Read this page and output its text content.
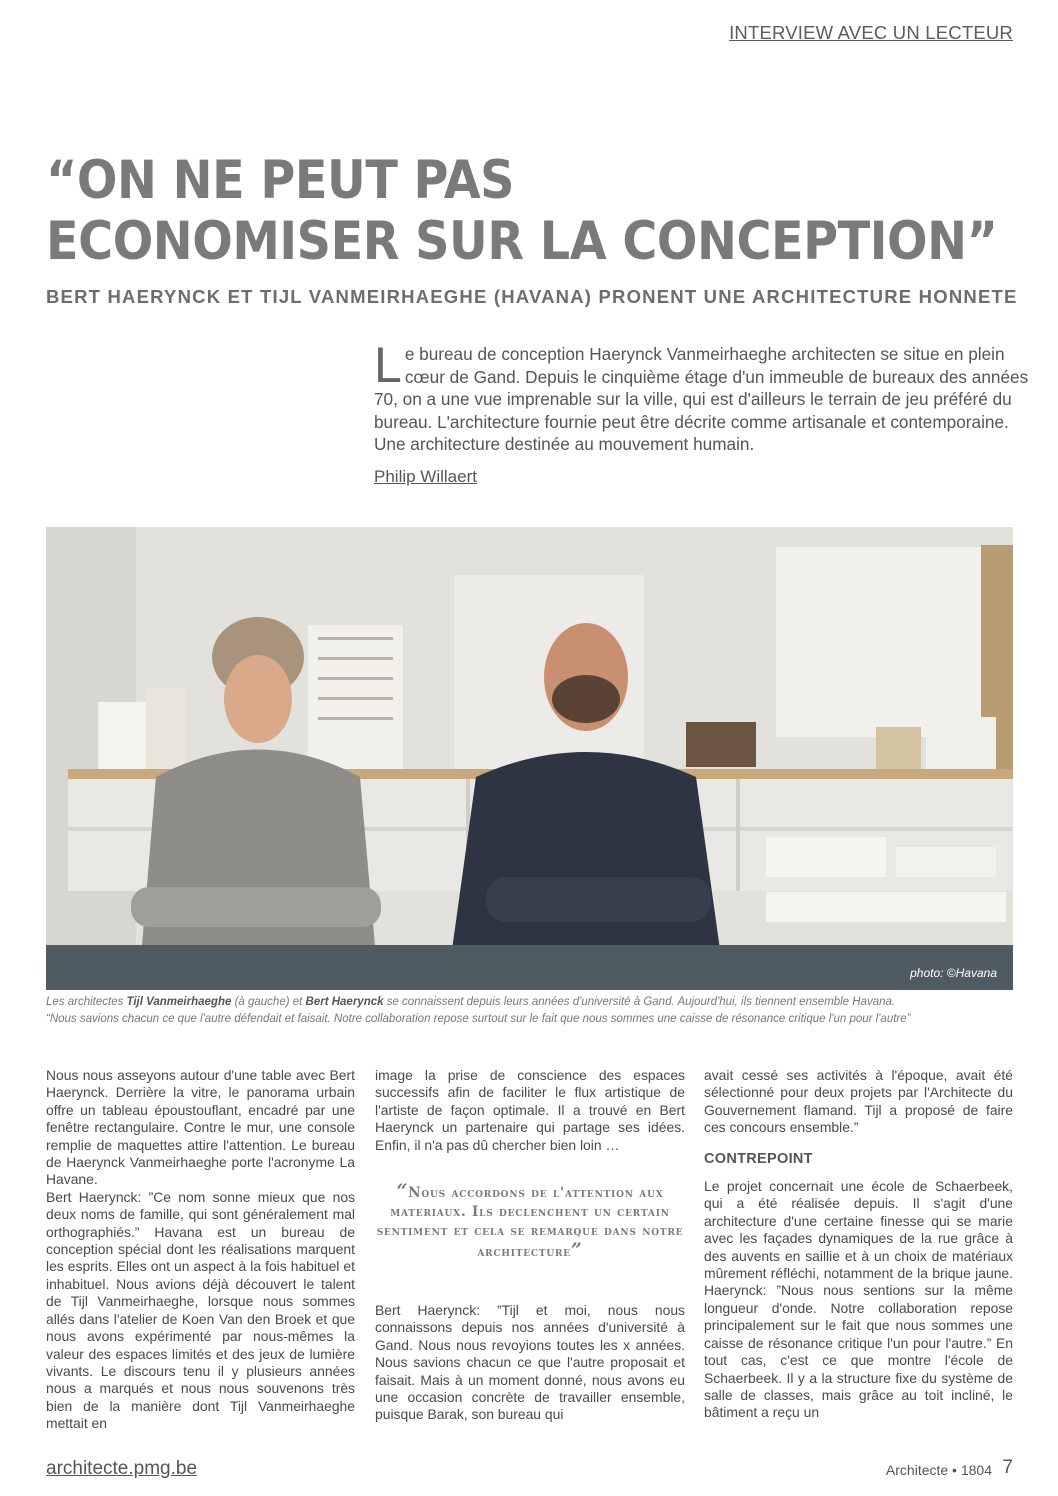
INTERVIEW AVEC UN LECTEUR
“ON NE PEUT PAS
ECONOMISER SUR LA CONCEPTION”
BERT HAERYNCK ET TIJL VANMEIRHAEGHE (HAVANA) PRONENT UNE ARCHITECTURE HONNETE

Le bureau de conception Haerynck Vanmeirhaeghe architecten se situe en plein cœur de Gand. Depuis le cinquième étage d'un immeuble de bureaux des années 70, on a une vue imprenable sur la ville, qui est d'ailleurs le terrain de jeu préféré du bureau. L'architecture fournie peut être décrite comme artisanale et contemporaine. Une architecture destinée au mouvement humain.

Philip Willaert
photo: ©Havana

Les architectes Tijl Vanmeirhaeghe (à gauche) et Bert Haerynck se connaissent depuis leurs années d'université à Gand. Aujourd'hui, ils tiennent ensemble Havana.
“Nous savions chacun ce que l'autre défendait et faisait. Notre collaboration repose surtout sur le fait que nous sommes une caisse de résonance critique l'un pour l'autre”

Nous nous asseyons autour d'une table avec Bert Haerynck. Derrière la vitre, le panorama urbain offre un tableau époustouflant, encadré par une fenêtre rectangulaire. Contre le mur, une console remplie de maquettes attire l'attention. Le bureau de Haerynck Vanmeirhaeghe porte l'acronyme La Havane.

Bert Haerynck: ”Ce nom sonne mieux que nos deux noms de famille, qui sont généralement mal orthographiés.” Havana est un bureau de conception spécial dont les réalisations marquent les esprits. Elles ont un aspect à la fois habituel et inhabituel. Nous avions déjà découvert le talent de Tijl Vanmeirhaeghe, lorsque nous sommes allés dans l'atelier de Koen Van den Broek et que nous avons expérimenté par nous-mêmes la valeur des espaces limités et des jeux de lumière vivants. Le discours tenu il y plusieurs années nous a marqués et nous nous souvenons très bien de la manière dont Tijl Vanmeirhaeghe mettait en

image la prise de conscience des espaces successifs afin de faciliter le flux artistique de l'artiste de façon optimale. Il a trouvé en Bert Haerynck un partenaire qui partage ses idées. Enfin, il n'a pas dû chercher bien loin …

“Nous accordons de l'attention aux materiaux. Ils declenchent un certain sentiment et cela se remarque dans notre architecture”

Bert Haerynck: ”Tijl et moi, nous nous connaissons depuis nos années d'université à Gand. Nous nous revoyions toutes les x années. Nous savions chacun ce que l'autre proposait et faisait. Mais à un moment donné, nous avons eu une occasion concrète de travailler ensemble, puisque Barak, son bureau qui

avait cessé ses activités à l'époque, avait été sélectionné pour deux projets par l'Architecte du Gouvernement flamand. Tijl a proposé de faire ces concours ensemble.”

CONTREPOINT

Le projet concernait une école de Schaerbeek, qui a été réalisée depuis. Il s'agit d'une architecture d'une certaine finesse qui se marie avec les façades dynamiques de la rue grâce à des auvents en saillie et à un choix de matériaux mûrement réfléchi, notamment de la brique jaune. Haerynck: ”Nous nous sentions sur la même longueur d'onde. Notre collaboration repose principalement sur le fait que nous sommes une caisse de résonance critique l'un pour l'autre.” En tout cas, c'est ce que montre l'école de Schaerbeek. Il y a la structure fixe du système de salle de classes, mais grâce au toit incliné, le bâtiment a reçu un

architecte.pmg.be	Architecte • 1804 7
